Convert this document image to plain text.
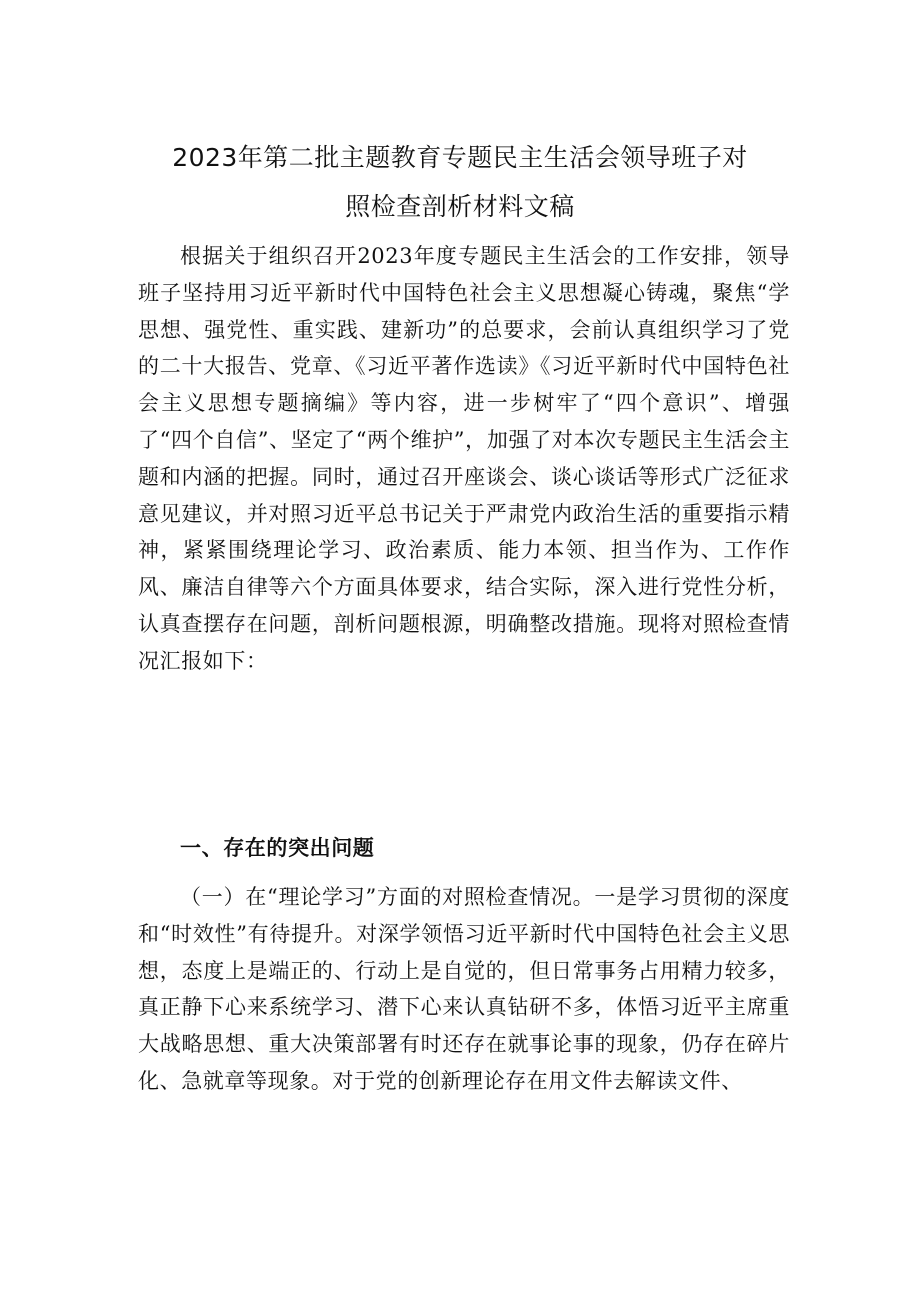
2023年第二批主题教育专题民主生活会领导班子对
照检查剖析材料文稿

根据关于组织召开2023年度专题民主生活会的工作安排，领导班子坚持用习近平新时代中国特色社会主义思想凝心铸魂，聚焦“学思想、强党性、重实践、建新功”的总要求，会前认真组织学习了党的二十大报告、党章、《习近平著作选读》《习近平新时代中国特色社会主义思想专题摘编》等内容，进一步树牢了“四个意识”、增强了“四个自信”、坚定了“两个维护”，加强了对本次专题民主生活会主题和内涵的把握。同时，通过召开座谈会、谈心谈话等形式广泛征求意见建议，并对照习近平总书记关于严肃党内政治生活的重要指示精神，紧紧围绕理论学习、政治素质、能力本领、担当作为、工作作风、廉洁自律等六个方面具体要求，结合实际，深入进行党性分析，认真查摆存在问题，剖析问题根源，明确整改措施。现将对照检查情况汇报如下：

一、存在的突出问题

（一）在“理论学习”方面的对照检查情况。一是学习贯彻的深度和“时效性”有待提升。对深学领悟习近平新时代中国特色社会主义思想，态度上是端正的、行动上是自觉的，但日常事务占用精力较多，真正静下心来系统学习、潜下心来认真钻研不多，体悟习近平主席重大战略思想、重大决策部署有时还存在就事论事的现象，仍存在碎片化、急就章等现象。对于党的创新理论存在用文件去解读文件、
